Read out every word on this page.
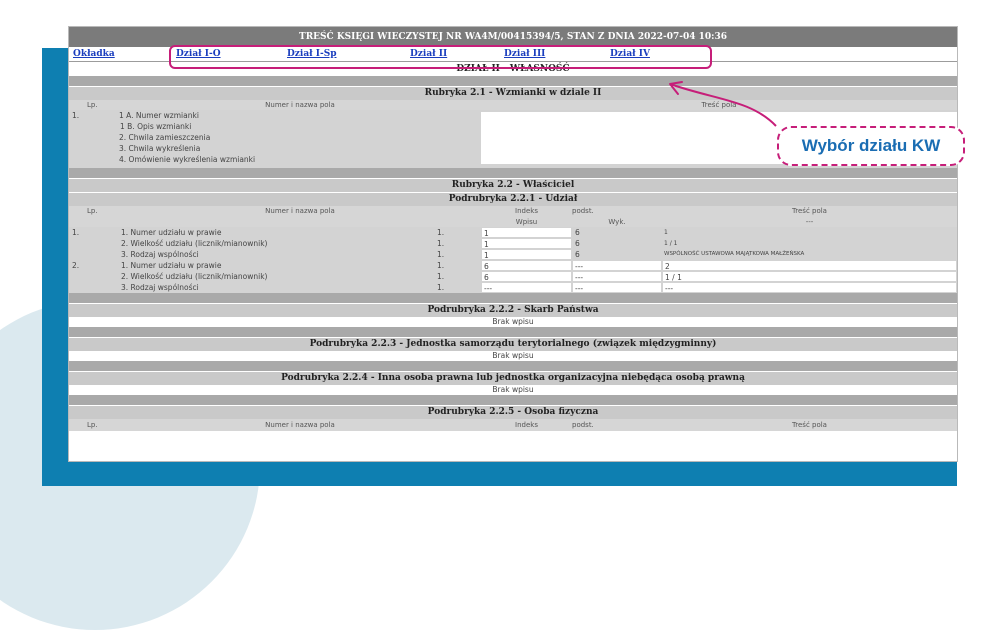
TREŚĆ KSIĘGI WIECZYSTEJ NR WA4M/00415394/5, STAN Z DNIA 2022-07-04 10:36
Okładka	Dział I-O	Dział I-Sp	Dział II	Dział III	Dział IV
DZIAŁ II - WŁASNOŚĆ
Rubryka 2.1 - Wzmianki w dziale II
Lp.	Numer i nazwa pola	Treść pola
1.	1 A. Numer wzmianki
1 B. Opis wzmianki
2. Chwila zamieszczenia
3. Chwila wykreślenia
4. Omówienie wykreślenia wzmianki
Rubryka 2.2 - Właściciel
Podrubryka 2.2.1 - Udział
Lp.	Numer i nazwa pola	Indeks	podst.	Treść pola
Wpisu	Wyk.	---
1.	1. Numer udziału w prawie	1.	1	6	1
2. Wielkość udziału (licznik/mianownik)	1.	1	6	1 / 1
3. Rodzaj wspólności	1.	1	6	WSPÓLNOŚĆ USTAWOWA MAJĄTKOWA MAŁŻEŃSKA
2.	1. Numer udziału w prawie	1.	6	---	2
2. Wielkość udziału (licznik/mianownik)	1.	6	---	1 / 1
3. Rodzaj wspólności	1.	---	---	---
Podrubryka 2.2.2 - Skarb Państwa
Brak wpisu
Podrubryka 2.2.3 - Jednostka samorządu terytorialnego (związek międzygminny)
Brak wpisu
Podrubryka 2.2.4 - Inna osoba prawna lub jednostka organizacyjna niebędąca osobą prawną
Brak wpisu
Podrubryka 2.2.5 - Osoba fizyczna
Lp.	Numer i nazwa pola	Indeks	podst.	Treść pola
Wybór działu KW
